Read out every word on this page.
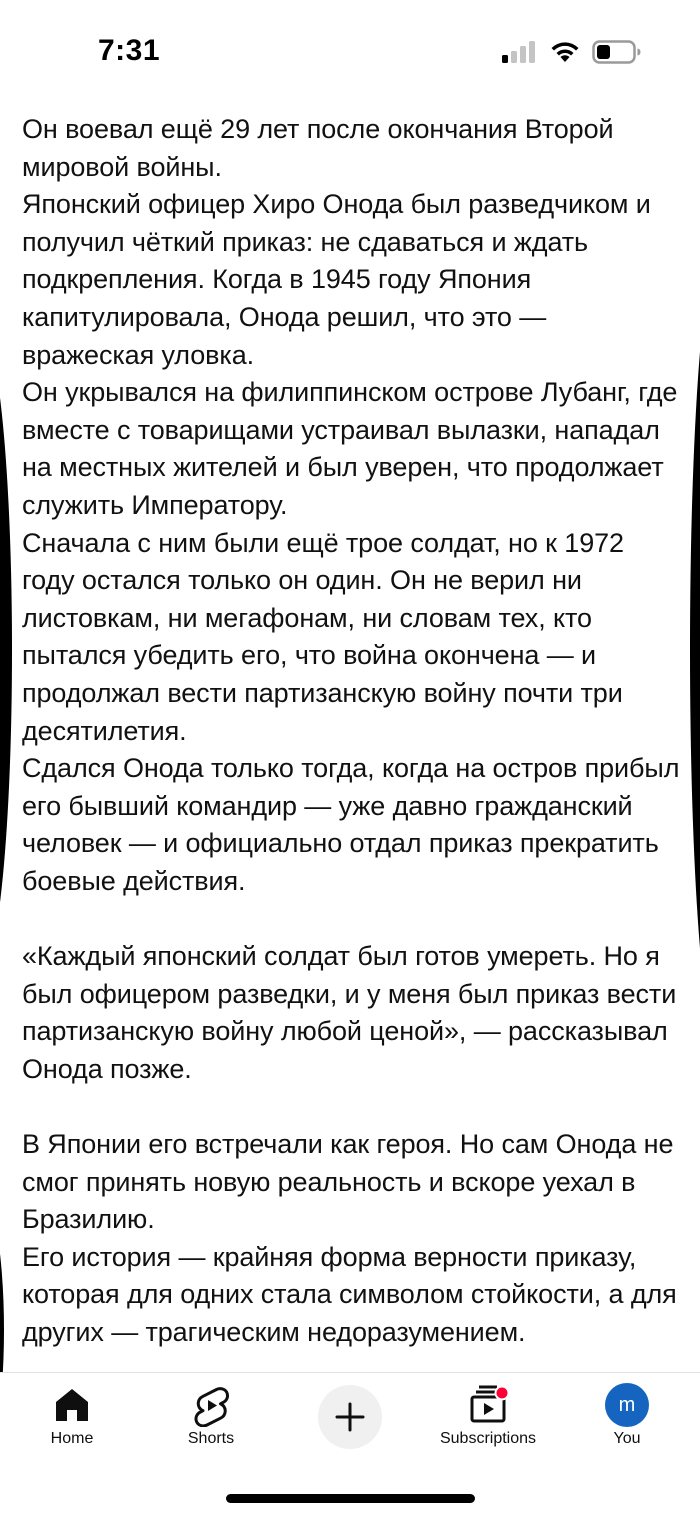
7:31

Он воевал ещё 29 лет после окончания Второй мировой войны.

Японский офицер Хиро Онода был разведчиком и получил чёткий приказ: не сдаваться и ждать подкрепления. Когда в 1945 году Япония капитулировала, Онода решил, что это — вражеская уловка.

Он укрывался на филиппинском острове Лубанг, где вместе с товарищами устраивал вылазки, нападал на местных жителей и был уверен, что продолжает служить Императору.

Сначала с ним были ещё трое солдат, но к 1972 году остался только он один. Он не верил ни листовкам, ни мегафонам, ни словам тех, кто пытался убедить его, что война окончена — и продолжал вести партизанскую войну почти три десятилетия.

Сдался Онода только тогда, когда на остров прибыл его бывший командир — уже давно гражданский человек — и официально отдал приказ прекратить боевые действия.

«Каждый японский солдат был готов умереть. Но я был офицером разведки, и у меня был приказ вести партизанскую войну любой ценой», — рассказывал Онода позже.

В Японии его встречали как героя. Но сам Онода не смог принять новую реальность и вскоре уехал в Бразилию.

Его история — крайняя форма верности приказу, которая для одних стала символом стойкости, а для других — трагическим недоразумением.

Home	Shorts	Subscriptions
m
You
